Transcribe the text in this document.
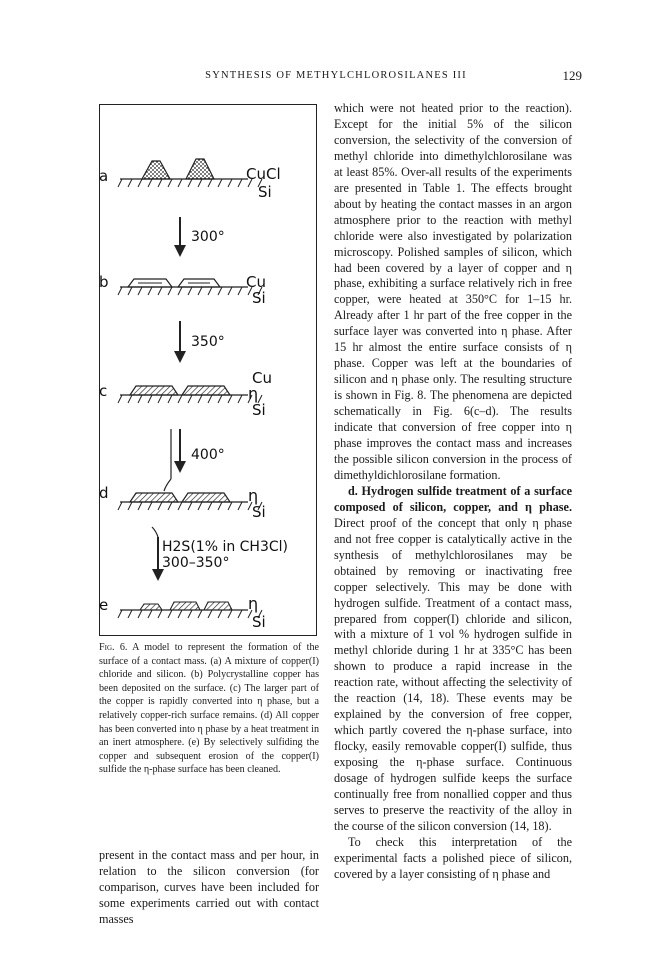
SYNTHESIS OF METHYLCHLOROSILANES III	129
a	CuCl
Si
300°
b	Cu
Si
350°
Cu
c	η
Si
400°
d	η
Si
H2S(1% in CH3Cl)
300–350°
e	η
Si
Fig. 6. A model to represent the formation of the surface of a contact mass. (a) A mixture of copper(I) chloride and silicon. (b) Polycrystalline copper has been deposited on the surface. (c) The larger part of the copper is rapidly converted into η phase, but a relatively copper-rich surface remains. (d) All copper has been converted into η phase by a heat treatment in an inert atmosphere. (e) By selectively sulfiding the copper and subsequent erosion of the copper(I) sulfide the η-phase surface has been cleaned.
present in the contact mass and per hour, in relation to the silicon conversion (for comparison, curves have been included for some experiments carried out with contact masses

which were not heated prior to the reaction). Except for the initial 5% of the silicon conversion, the selectivity of the conversion of methyl chloride into dimethylchlorosilane was at least 85%. Over-all results of the experiments are presented in Table 1. The effects brought about by heating the contact masses in an argon atmosphere prior to the reaction with methyl chloride were also investigated by polarization microscopy. Polished samples of silicon, which had been covered by a layer of copper and η phase, exhibiting a surface relatively rich in free copper, were heated at 350°C for 1–15 hr. Already after 1 hr part of the free copper in the surface layer was converted into η phase. After 15 hr almost the entire surface consists of η phase. Copper was left at the boundaries of silicon and η phase only. The resulting structure is shown in Fig. 8. The phenomena are depicted schematically in Fig. 6(c–d). The results indicate that conversion of free copper into η phase improves the contact mass and increases the possible silicon conversion in the process of dimethyldichlorosilane formation.

d. Hydrogen sulfide treatment of a surface composed of silicon, copper, and η phase. Direct proof of the concept that only η phase and not free copper is catalytically active in the synthesis of methylchlorosilanes may be obtained by removing or inactivating free copper selectively. This may be done with hydrogen sulfide. Treatment of a contact mass, prepared from copper(I) chloride and silicon, with a mixture of 1 vol % hydrogen sulfide in methyl chloride during 1 hr at 335°C has been shown to produce a rapid increase in the reaction rate, without affecting the selectivity of the reaction (14, 18). These events may be explained by the conversion of free copper, which partly covered the η-phase surface, into flocky, easily removable copper(I) sulfide, thus exposing the η-phase surface. Continuous dosage of hydrogen sulfide keeps the surface continually free from nonallied copper and thus serves to preserve the reactivity of the alloy in the course of the silicon conversion (14, 18).

To check this interpretation of the experimental facts a polished piece of silicon, covered by a layer consisting of η phase and
